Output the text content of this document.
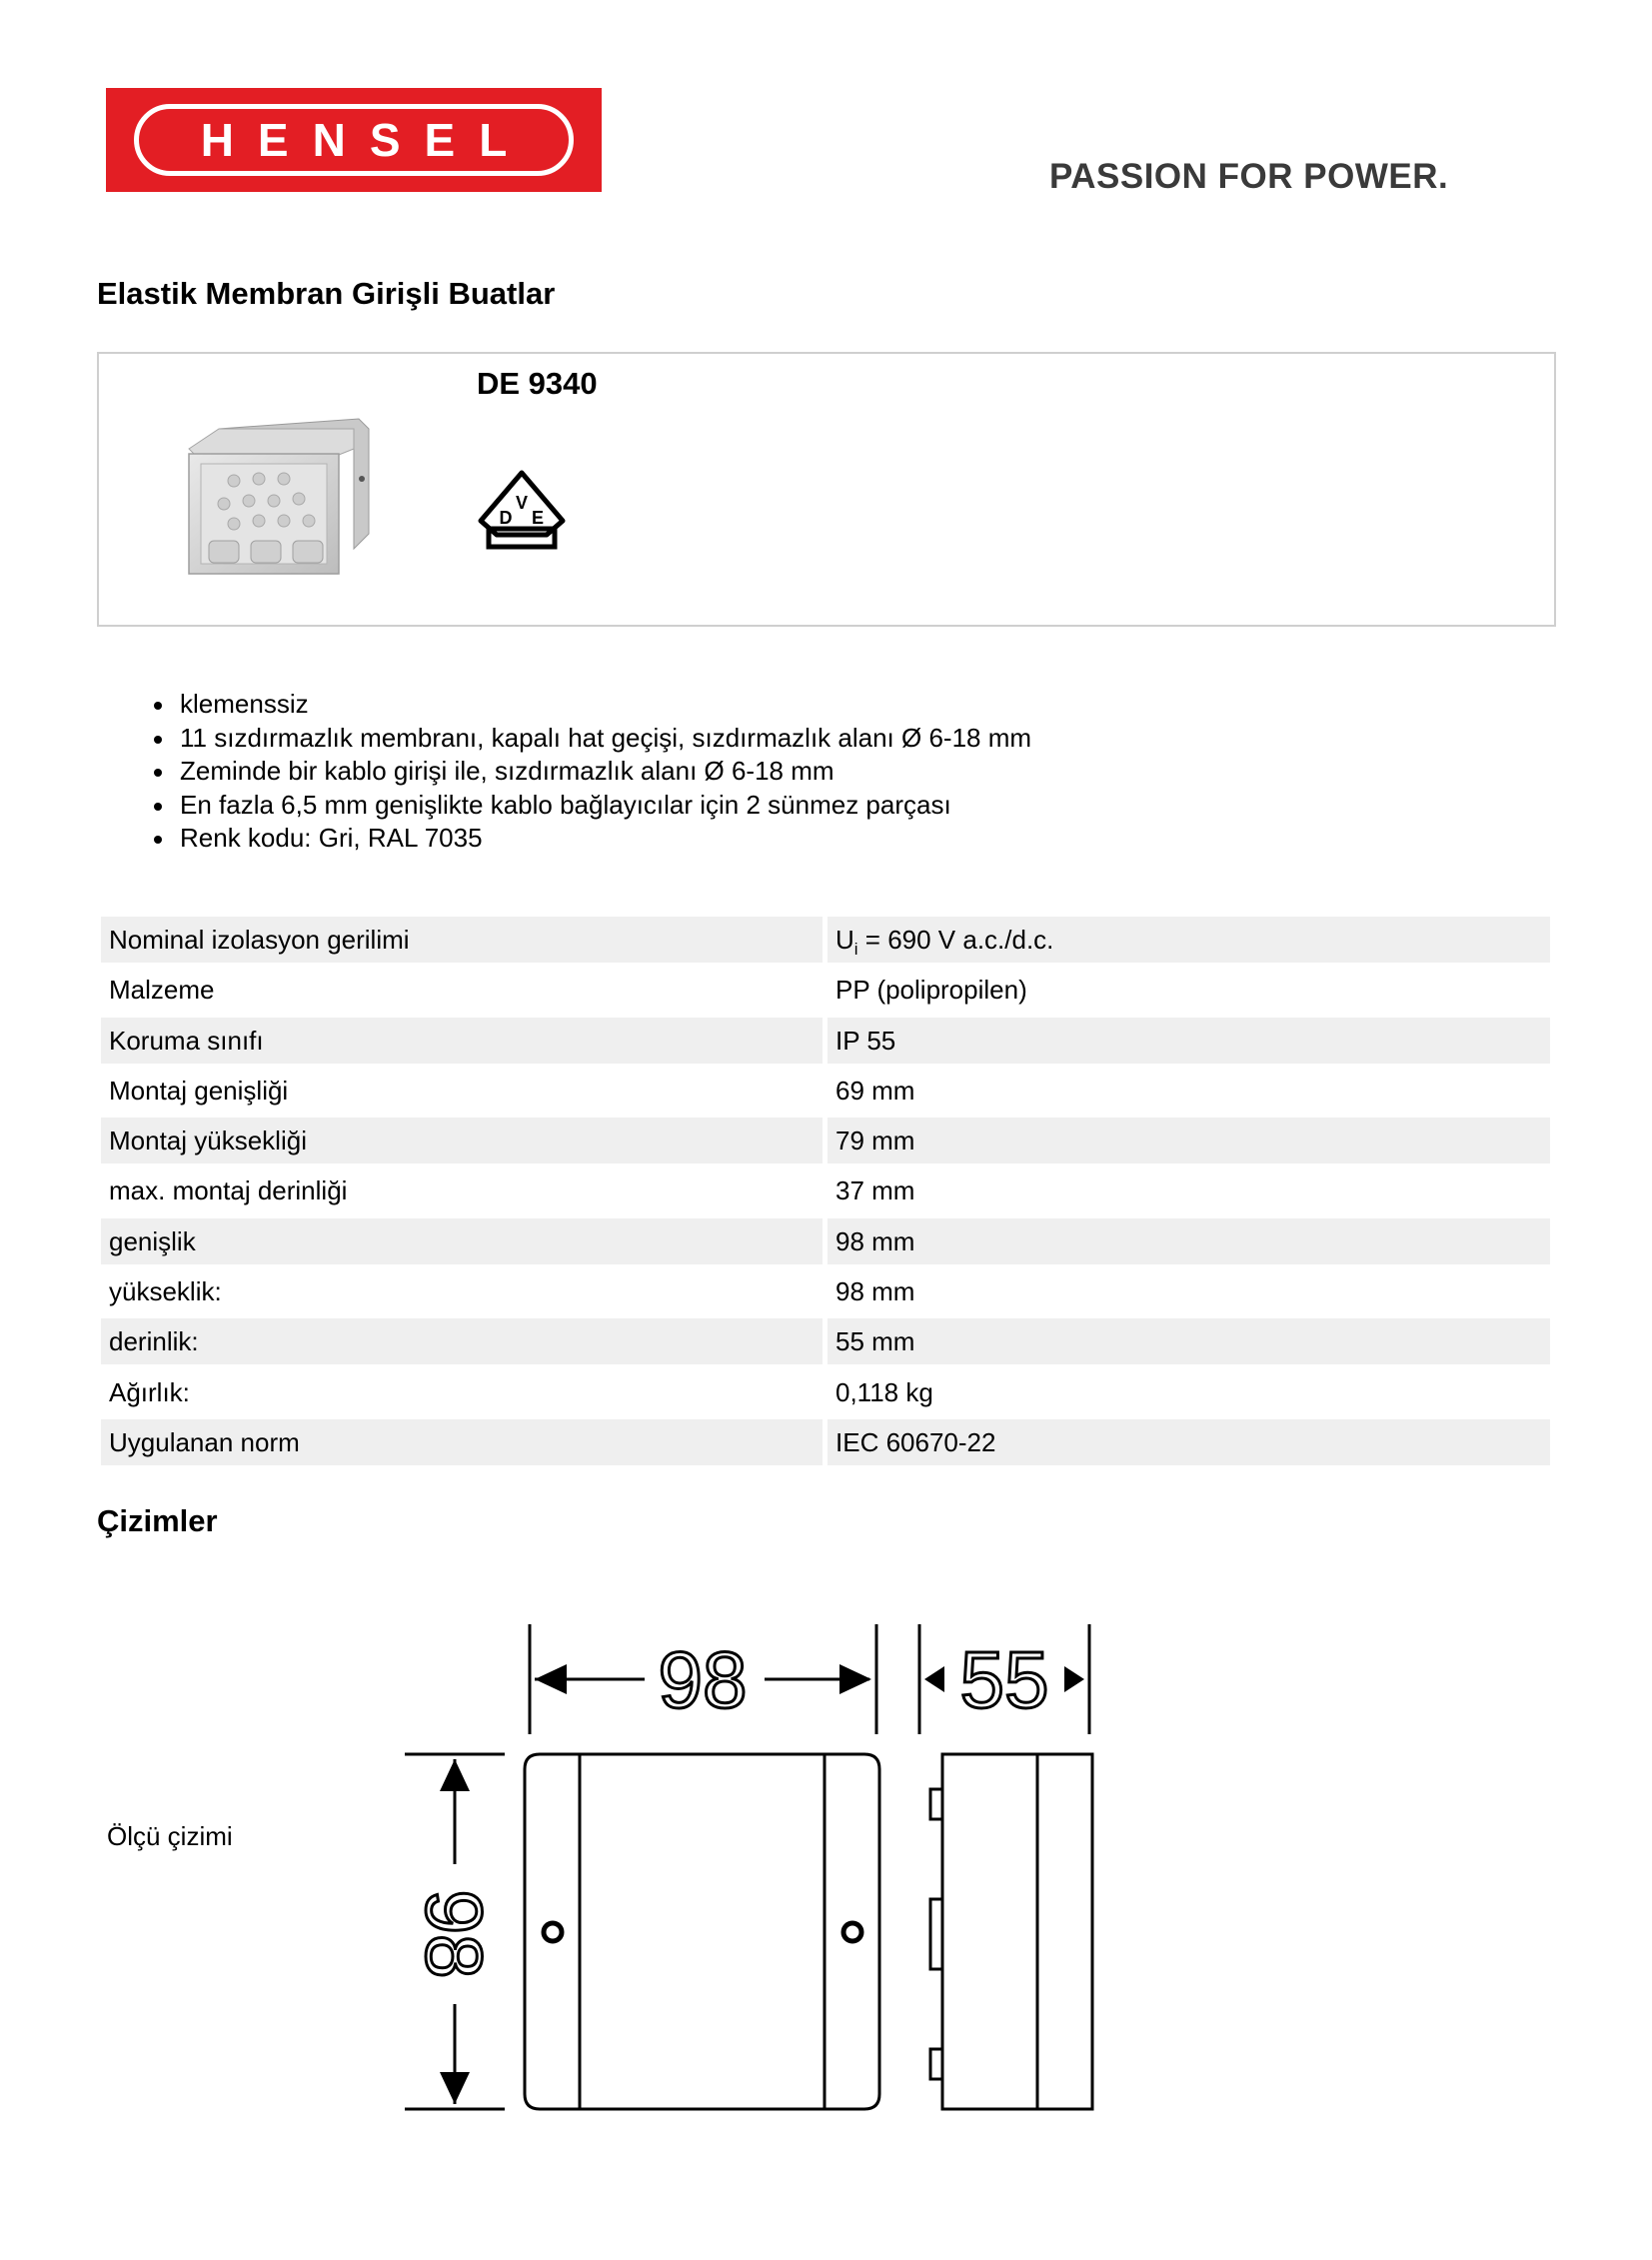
HENSEL
PASSION FOR POWER.
Elastik Membran Girişli Buatlar
DE 9340
V
D E
klemenssiz
11 sızdırmazlık membranı, kapalı hat geçişi, sızdırmazlık alanı Ø 6-18 mm
Zeminde bir kablo girişi ile, sızdırmazlık alanı Ø 6-18 mm
En fazla 6,5 mm genişlikte kablo bağlayıcılar için 2 sünmez parçası
Renk kodu: Gri, RAL 7035
Nominal izolasyon gerilimi	$U_i = 690$ V a.c./d.c.
Malzeme	PP (polipropilen)
Koruma sınıfı	IP 55
Montaj genişliği	69 mm
Montaj yüksekliği	79 mm
max. montaj derinliği	37 mm
genişlik	98 mm
yükseklik:	98 mm
derinlik:	55 mm
Ağırlık:	0,118 kg
Uygulanan norm	IEC 60670-22
Çizimler
Ölçü çizimi
98	55
98
